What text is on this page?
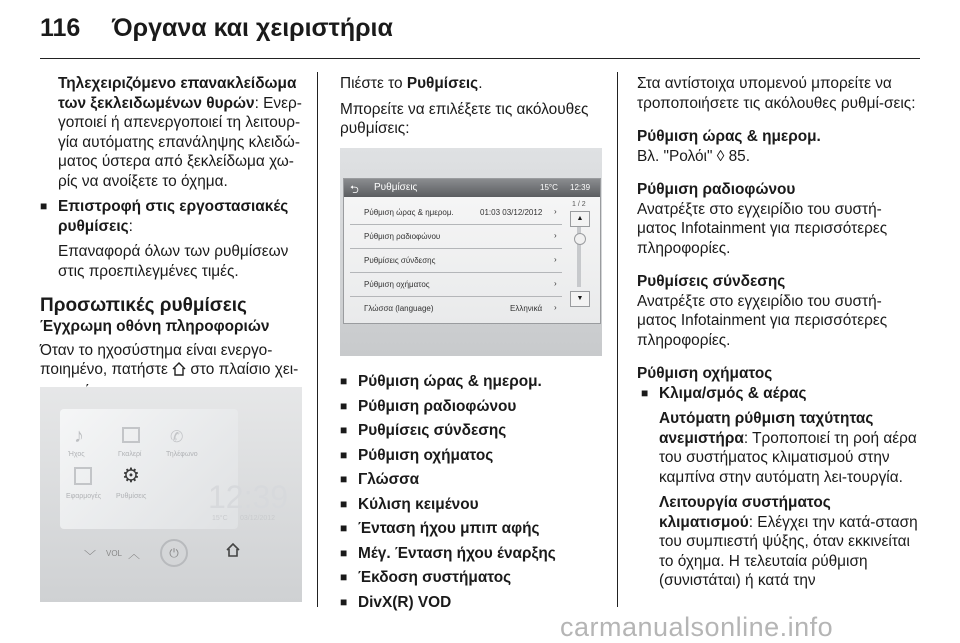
116 Όργανα και χειριστήρια

Τηλεχειριζόμενο επανακλείδωμα των ξεκλειδωμένων θυρών: Ενερ-γοποιεί ή απενεργοποιεί τη λειτουρ-γία αυτόματης επανάληψης κλειδώ-ματος ύστερα από ξεκλείδωμα χω-ρίς να ανοίξετε το όχημα.

■ Επιστροφή στις εργοστασιακές ρυθμίσεις:

Επαναφορά όλων των ρυθμίσεων στις προεπιλεγμένες τιμές.

Προσωπικές ρυθμίσεις

Έγχρωμη οθόνη πληροφοριών

Όταν το ηχοσύστημα είναι ενεργο-ποιημένο, πατήστε στο πλαίσιο χει-

♪	✆
Ήχος	Γκαλερί	Τηλέφωνο
⚙
Εφαρμογές Ρυθμίσεις 12:39
15°C 03/12/2012
﹀ VOL ︿	⏻

Πιέστε το Ρυθμίσεις.

Μπορείτε να επιλέξετε τις ακόλουθες ρυθμίσεις:

⮌ Ρυθμίσεις	15°C 12:39
Ρύθμιση ώρας & ημερομ.	01:03 03/12/2012 ›
Ρύθμιση ραδιοφώνου	›
Ρυθμίσεις σύνδεσης	›
Ρύθμιση οχήματος	›
Γλώσσα (language)	Ελληνικά ›
1 / 2
▲
▼
■ Ρύθμιση ώρας & ημερομ.
■ Ρύθμιση ραδιοφώνου
■ Ρυθμίσεις σύνδεσης
■ Ρύθμιση οχήματος
■ Γλώσσα
■ Κύλιση κειμένου
■ Ένταση ήχου μπιπ αφής
■ Μέγ. Ένταση ήχου έναρξης
■ Έκδοση συστήματος
■ DivX(R) VOD

Στα αντίστοιχα υπομενού μπορείτε να τροποποιήσετε τις ακόλουθες ρυθμί-σεις:

Ρύθμιση ώρας & ημερομ.

Βλ. "Ρολόι" ◊ 85.

Ρύθμιση ραδιοφώνου

Ανατρέξτε στο εγχειρίδιο του συστή-ματος Infotainment για περισσότερες πληροφορίες.

Ρυθμίσεις σύνδεσης

Ανατρέξτε στο εγχειρίδιο του συστή-ματος Infotainment για περισσότερες πληροφορίες.

Ρύθμιση οχήματος

■ Κλιμα/σμός & αέρας

Αυτόματη ρύθμιση ταχύτητας ανεμιστήρα: Τροποποιεί τη ροή αέρα του συστήματος κλιματισμού στην καμπίνα στην αυτόματη λει-τουργία.

Λειτουργία συστήματος κλιματισμού: Ελέγχει την κατά-σταση του συμπιεστή ψύξης, όταν εκκινείται το όχημα. Η τελευταία ρύθμιση (συνιστάται) ή κατά την

carmanualsonline.info
